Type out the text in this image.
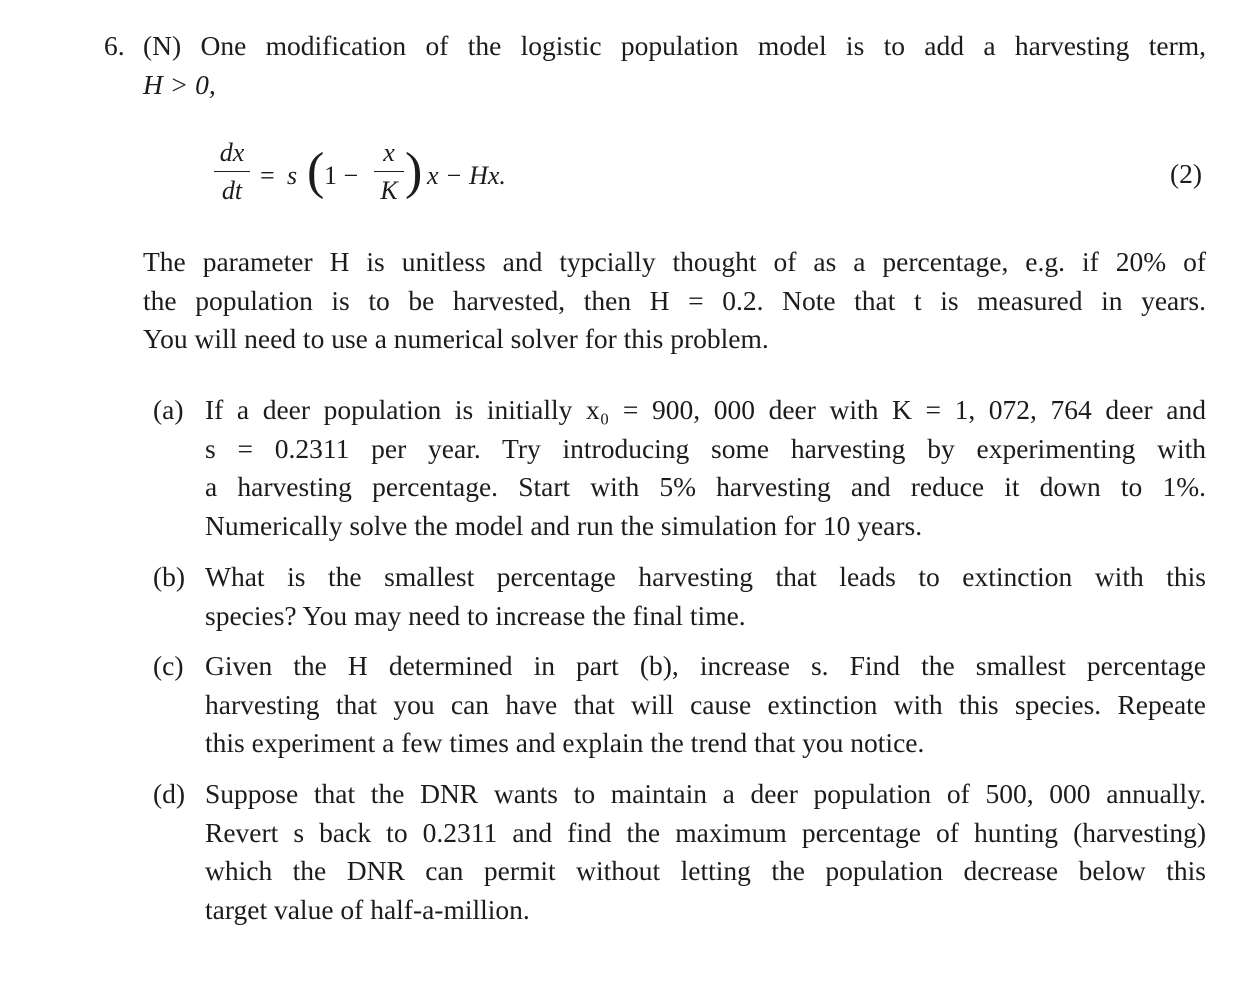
6. (N) One modification of the logistic population model is to add a harvesting term,
H > 0,
dx
dt
= s ( 1 −
x
K ) x − Hx.	(2)
The parameter H is unitless and typcially thought of as a percentage, e.g. if 20% of
the population is to be harvested, then H = 0.2. Note that t is measured in years.
You will need to use a numerical solver for this problem.
(a) If a deer population is initially x₀ = 900, 000 deer with K = 1, 072, 764 deer and
s = 0.2311 per year. Try introducing some harvesting by experimenting with
a harvesting percentage. Start with 5% harvesting and reduce it down to 1%.
Numerically solve the model and run the simulation for 10 years.
(b) What is the smallest percentage harvesting that leads to extinction with this
species? You may need to increase the final time.
(c) Given the H determined in part (b), increase s. Find the smallest percentage
harvesting that you can have that will cause extinction with this species. Repeate
this experiment a few times and explain the trend that you notice.
(d) Suppose that the DNR wants to maintain a deer population of 500, 000 annually.
Revert s back to 0.2311 and find the maximum percentage of hunting (harvesting)
which the DNR can permit without letting the population decrease below this
target value of half-a-million.
